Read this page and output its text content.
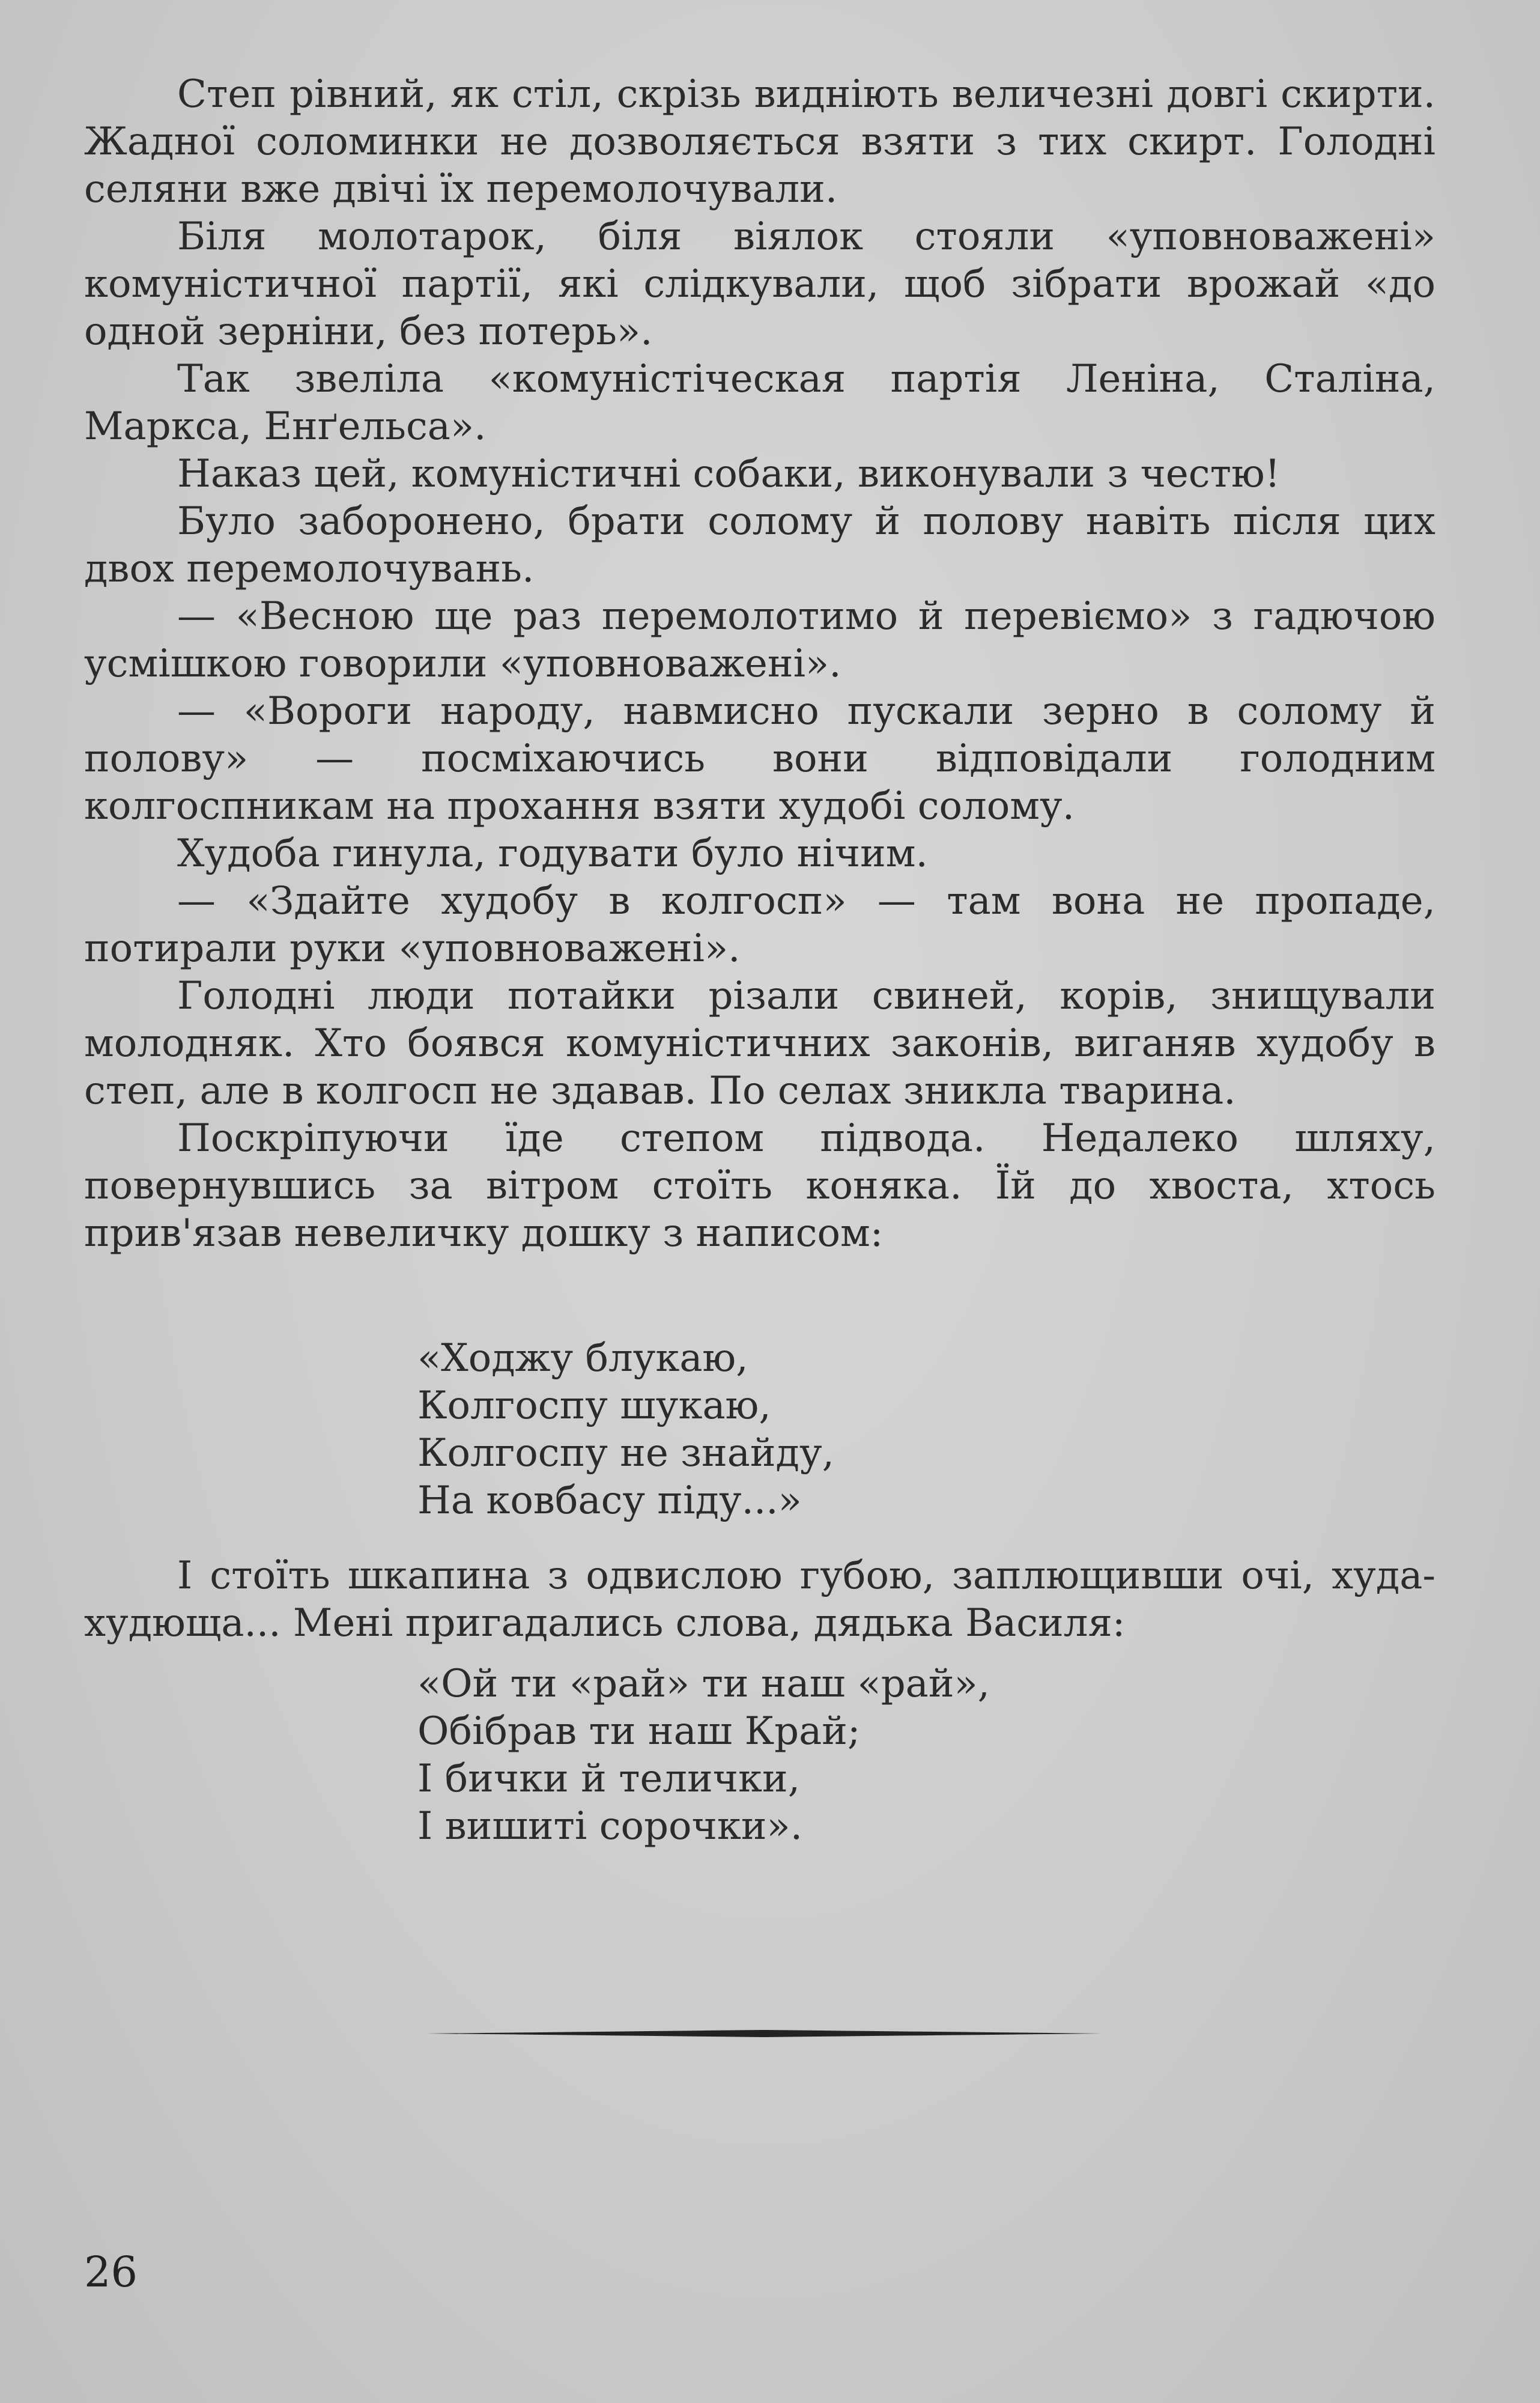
Степ рівний, як стіл, скрізь видніють величезні довгі скирти. Жадної соломинки не дозволяється взяти з тих скирт. Голодні селяни вже двічі їх перемолочували.

Біля молотарок, біля віялок стояли «уповноважені» комуністичної партії, які слідкували, щоб зібрати врожай «до одной зерніни, без потерь».

Так звеліла «комуністіческая партія Леніна, Сталіна, Маркса, Енґельса».

Наказ цей, комуністичні собаки, виконували з честю!

Було заборонено, брати солому й полову навіть після цих двох перемолочувань.

— «Весною ще раз перемолотимо й перевіємо» з гадючою усмішкою говорили «уповноважені».

— «Вороги народу, навмисно пускали зерно в солому й полову» — посміхаючись вони відповідали голодним колгоспникам на прохання взяти худобі солому.

Худоба гинула, годувати було нічим.

— «Здайте худобу в колгосп» — там вона не пропаде, потирали руки «уповноважені».

Голодні люди потайки різали свиней, корів, знищували молодняк. Хто боявся комуністичних законів, виганяв худобу в степ, але в колгосп не здавав. По селах зникла тварина.

Поскріпуючи їде степом підвода. Недалеко шляху, повернувшись за вітром стоїть коняка. Їй до хвоста, хтось прив'язав невеличку дошку з написом:

«Ходжу блукаю,
Колгоспу шукаю,
Колгоспу не знайду,
На ковбасу піду...»

І стоїть шкапина з одвислою губою, заплющивши очі, худа-худюща... Мені пригадались слова, дядька Василя:

«Ой ти «рай» ти наш «рай»,
Обібрав ти наш Край;
І бички й телички,
І вишиті сорочки».
26
